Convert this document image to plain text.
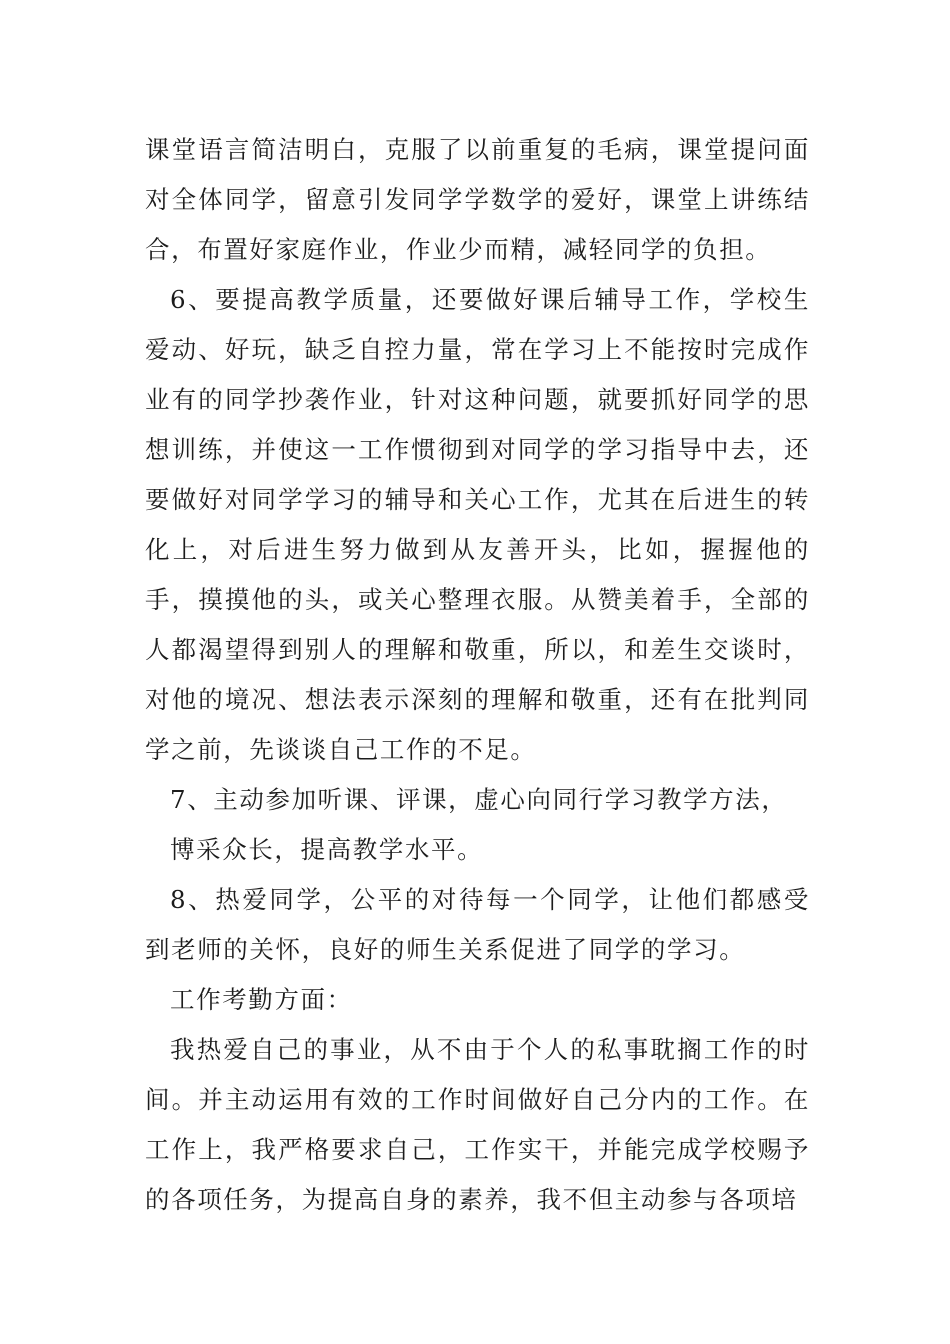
课堂语言简洁明白，克服了以前重复的毛病，课堂提问面对全体同学，留意引发同学学数学的爱好，课堂上讲练结合，布置好家庭作业，作业少而精，减轻同学的负担。

6、要提高教学质量，还要做好课后辅导工作，学校生爱动、好玩，缺乏自控力量，常在学习上不能按时完成作业有的同学抄袭作业，针对这种问题，就要抓好同学的思想训练，并使这一工作惯彻到对同学的学习指导中去，还要做好对同学学习的辅导和关心工作，尤其在后进生的转化上，对后进生努力做到从友善开头，比如，握握他的手，摸摸他的头，或关心整理衣服。从赞美着手，全部的人都渴望得到别人的理解和敬重，所以，和差生交谈时，对他的境况、想法表示深刻的理解和敬重，还有在批判同学之前，先谈谈自己工作的不足。

7、主动参加听课、评课，虚心向同行学习教学方法，

博采众长，提高教学水平。

8、热爱同学，公平的对待每一个同学，让他们都感受到老师的关怀，良好的师生关系促进了同学的学习。

工作考勤方面：

我热爱自己的事业，从不由于个人的私事耽搁工作的时间。并主动运用有效的工作时间做好自己分内的工作。在工作上，我严格要求自己，工作实干，并能完成学校赐予的各项任务，为提高自身的素养，我不但主动参与各项培
